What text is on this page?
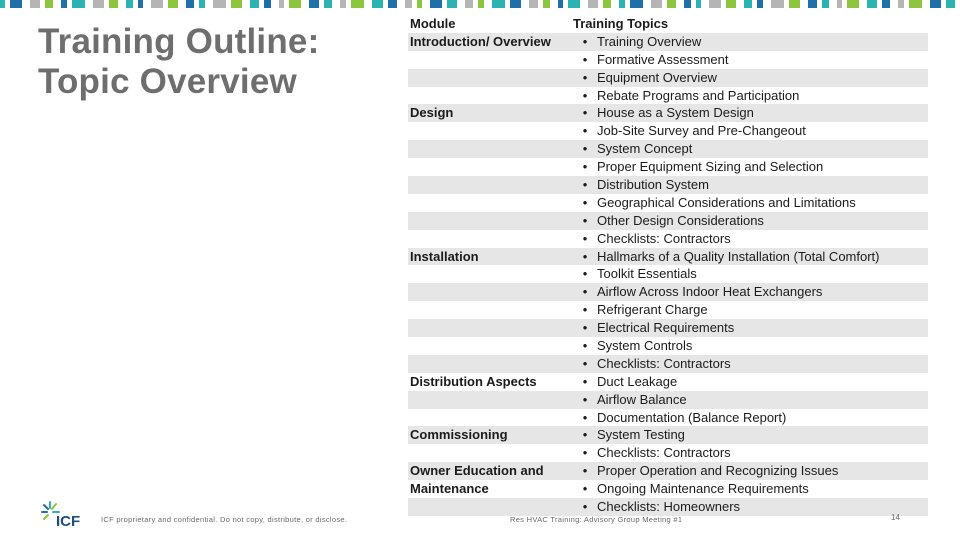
Training Outline:
Topic Overview
Module	Training Topics
Introduction/ Overview	• Training Overview
• Formative Assessment
• Equipment Overview
• Rebate Programs and Participation
Design	• House as a System Design
• Job-Site Survey and Pre-Changeout
• System Concept
• Proper Equipment Sizing and Selection
• Distribution System
• Geographical Considerations and Limitations
• Other Design Considerations
• Checklists: Contractors
Installation	• Hallmarks of a Quality Installation (Total Comfort)
• Toolkit Essentials
• Airflow Across Indoor Heat Exchangers
• Refrigerant Charge
• Electrical Requirements
• System Controls
• Checklists: Contractors
Distribution Aspects	• Duct Leakage
• Airflow Balance
• Documentation (Balance Report)
Commissioning	• System Testing
• Checklists: Contractors
Owner Education and	• Proper Operation and Recognizing Issues
Maintenance	• Ongoing Maintenance Requirements
• Checklists: Homeowners
ICF	ICF proprietary and confidential. Do not copy, distribute, or disclose.	Res HVAC Training: Advisory Group Meeting #1	14
